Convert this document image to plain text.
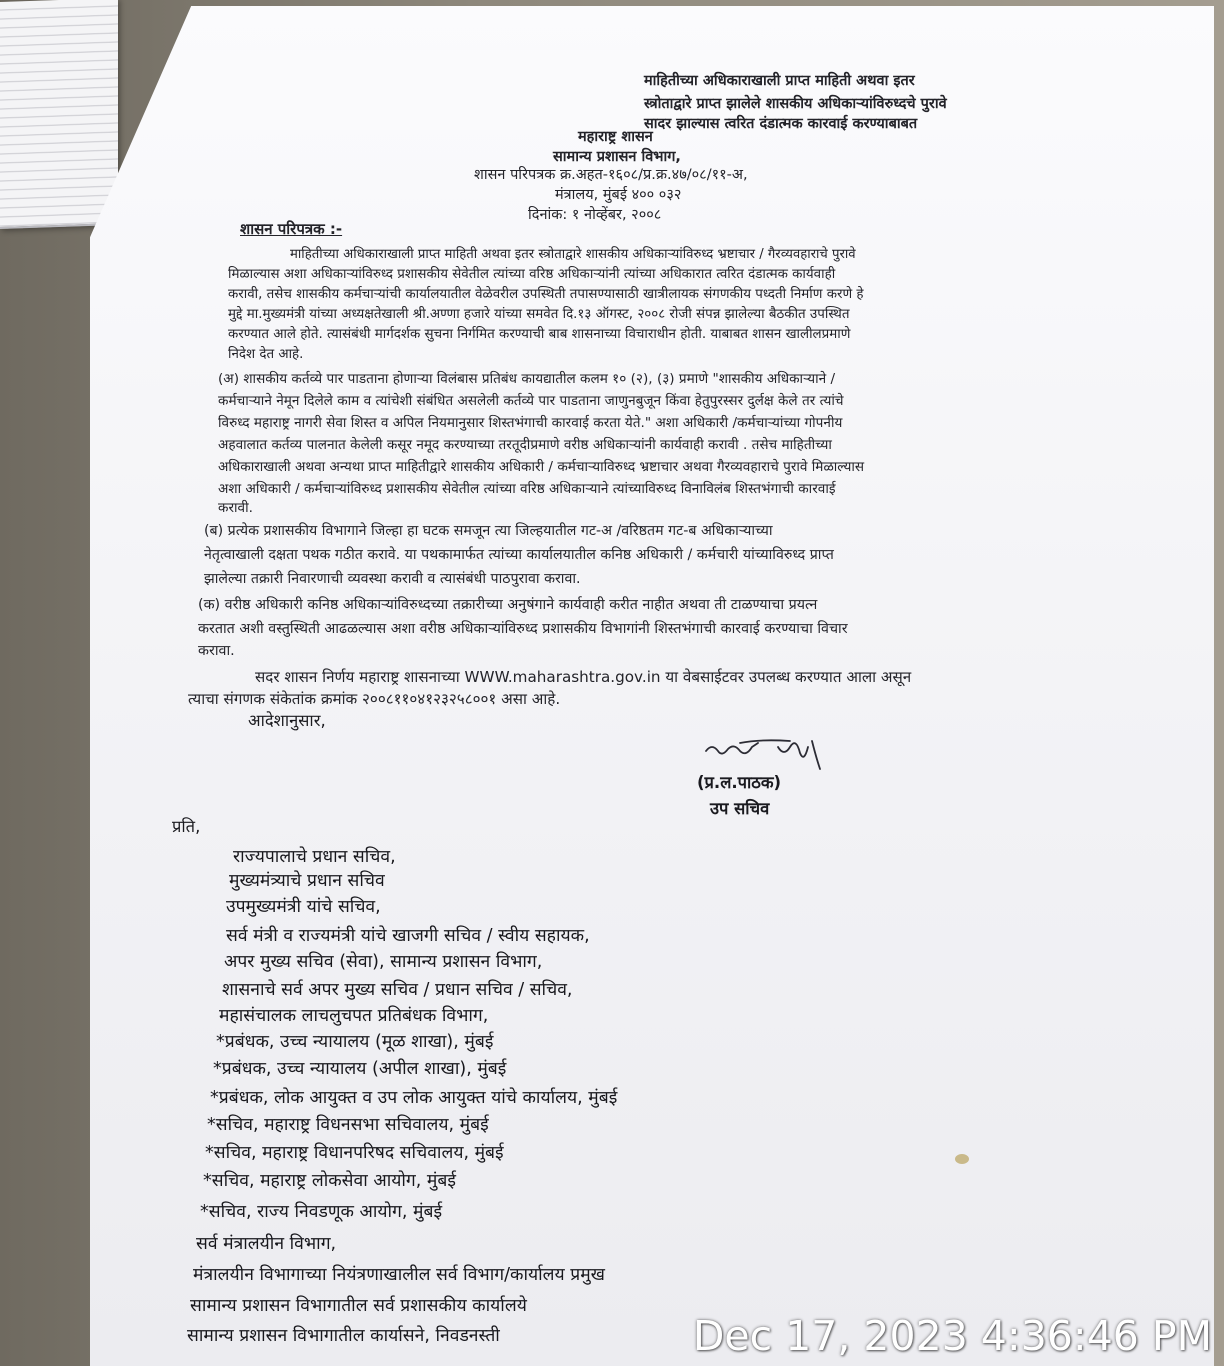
माहितीच्या अधिकाराखाली प्राप्त माहिती अथवा इतर
स्त्रोताद्वारे प्राप्त झालेले शासकीय अधिकाऱ्यांविरुध्दचे पुरावे
सादर झाल्यास त्वरित दंडात्मक कारवाई करण्याबाबत
महाराष्ट्र शासन
सामान्य प्रशासन विभाग,
शासन परिपत्रक क्र.अहत-१६०८/प्र.क्र.४७/०८/११-अ,
मंत्रालय, मुंबई ४०० ०३२
दिनांक: १ नोव्हेंबर, २००८
शासन परिपत्रक :-
माहितीच्या अधिकाराखाली प्राप्त माहिती अथवा इतर स्त्रोताद्वारे शासकीय अधिकाऱ्यांविरुध्द भ्रष्टाचार / गैरव्यवहाराचे पुरावे
मिळाल्यास अशा अधिकाऱ्यांविरुध्द प्रशासकीय सेवेतील त्यांच्या वरिष्ठ अधिकाऱ्यांनी त्यांच्या अधिकारात त्वरित दंडात्मक कार्यवाही
करावी, तसेच शासकीय कर्मचाऱ्यांची कार्यालयातील वेळेवरील उपस्थिती तपासण्यासाठी खात्रीलायक संगणकीय पध्दती निर्माण करणे हे
मुद्दे मा.मुख्यमंत्री यांच्या अध्यक्षतेखाली श्री.अण्णा हजारे यांच्या समवेत दि.१३ ऑगस्ट, २००८ रोजी संपन्न झालेल्या बैठकीत उपस्थित
करण्यात आले होते. त्यासंबंधी मार्गदर्शक सुचना निर्गमित करण्याची बाब शासनाच्या विचाराधीन होती. याबाबत शासन खालीलप्रमाणे
निदेश देत आहे.
(अ) शासकीय कर्तव्ये पार पाडताना होणाऱ्या विलंबास प्रतिबंध कायद्यातील कलम १० (२), (३) प्रमाणे "शासकीय अधिकाऱ्याने /
कर्मचाऱ्याने नेमून दिलेले काम व त्यांचेशी संबंधित असलेली कर्तव्ये पार पाडताना जाणुनबुजून किंवा हेतुपुरस्सर दुर्लक्ष केले तर त्यांचे
विरुध्द महाराष्ट्र नागरी सेवा शिस्त व अपिल नियमानुसार शिस्तभंगाची कारवाई करता येते." अशा अधिकारी /कर्मचाऱ्यांच्या गोपनीय
अहवालात कर्तव्य पालनात केलेली कसूर नमूद करण्याच्या तरतूदीप्रमाणे वरीष्ठ अधिकाऱ्यांनी कार्यवाही करावी . तसेच माहितीच्या
अधिकाराखाली अथवा अन्यथा प्राप्त माहितीद्वारे शासकीय अधिकारी / कर्मचाऱ्याविरुध्द भ्रष्टाचार अथवा गैरव्यवहाराचे पुरावे मिळाल्यास
अशा अधिकारी / कर्मचाऱ्यांविरुध्द प्रशासकीय सेवेतील त्यांच्या वरिष्ठ अधिकाऱ्याने त्यांच्याविरुध्द विनाविलंब शिस्तभंगाची कारवाई
करावी.
(ब) प्रत्येक प्रशासकीय विभागाने जिल्हा हा घटक समजून त्या जिल्हयातील गट-अ /वरिष्ठतम गट-ब अधिकाऱ्याच्या
नेतृत्वाखाली दक्षता पथक गठीत करावे. या पथकामार्फत त्यांच्या कार्यालयातील कनिष्ठ अधिकारी / कर्मचारी यांच्याविरुध्द प्राप्त
झालेल्या तक्रारी निवारणाची व्यवस्था करावी व त्यासंबंधी पाठपुरावा करावा.
(क) वरीष्ठ अधिकारी कनिष्ठ अधिकाऱ्यांविरुध्दच्या तक्रारीच्या अनुषंगाने कार्यवाही करीत नाहीत अथवा ती टाळण्याचा प्रयत्न
करतात अशी वस्तुस्थिती आढळल्यास अशा वरीष्ठ अधिकाऱ्यांविरुध्द प्रशासकीय विभागांनी शिस्तभंगाची कारवाई करण्याचा विचार
करावा.
सदर शासन निर्णय महाराष्ट्र शासनाच्या WWW.maharashtra.gov.in या वेबसाईटवर उपलब्ध करण्यात आला असून
त्याचा संगणक संकेतांक क्रमांक २००८११०४१२३२५८००१ असा आहे.
आदेशानुसार,
(प्र.ल.पाठक)
उप सचिव
प्रति,
राज्यपालाचे प्रधान सचिव,
मुख्यमंत्र्याचे प्रधान सचिव
उपमुख्यमंत्री यांचे सचिव,
सर्व मंत्री व राज्यमंत्री यांचे खाजगी सचिव / स्वीय सहायक,
अपर मुख्य सचिव (सेवा), सामान्य प्रशासन विभाग,
शासनाचे सर्व अपर मुख्य सचिव / प्रधान सचिव / सचिव,
महासंचालक लाचलुचपत प्रतिबंधक विभाग,
*प्रबंधक, उच्च न्यायालय (मूळ शाखा), मुंबई
*प्रबंधक, उच्च न्यायालय (अपील शाखा), मुंबई
*प्रबंधक, लोक आयुक्त व उप लोक आयुक्त यांचे कार्यालय, मुंबई
*सचिव, महाराष्ट्र विधनसभा सचिवालय, मुंबई
*सचिव, महाराष्ट्र विधानपरिषद सचिवालय, मुंबई
*सचिव, महाराष्ट्र लोकसेवा आयोग, मुंबई
*सचिव, राज्य निवडणूक आयोग, मुंबई
सर्व मंत्रालयीन विभाग,
मंत्रालयीन विभागाच्या नियंत्रणाखालील सर्व विभाग/कार्यालय प्रमुख
सामान्य प्रशासन विभागातील सर्व प्रशासकीय कार्यालये
सामान्य प्रशासन विभागातील कार्यासने, निवडनस्ती	Dec 17, 2023 4:36:46 PM
